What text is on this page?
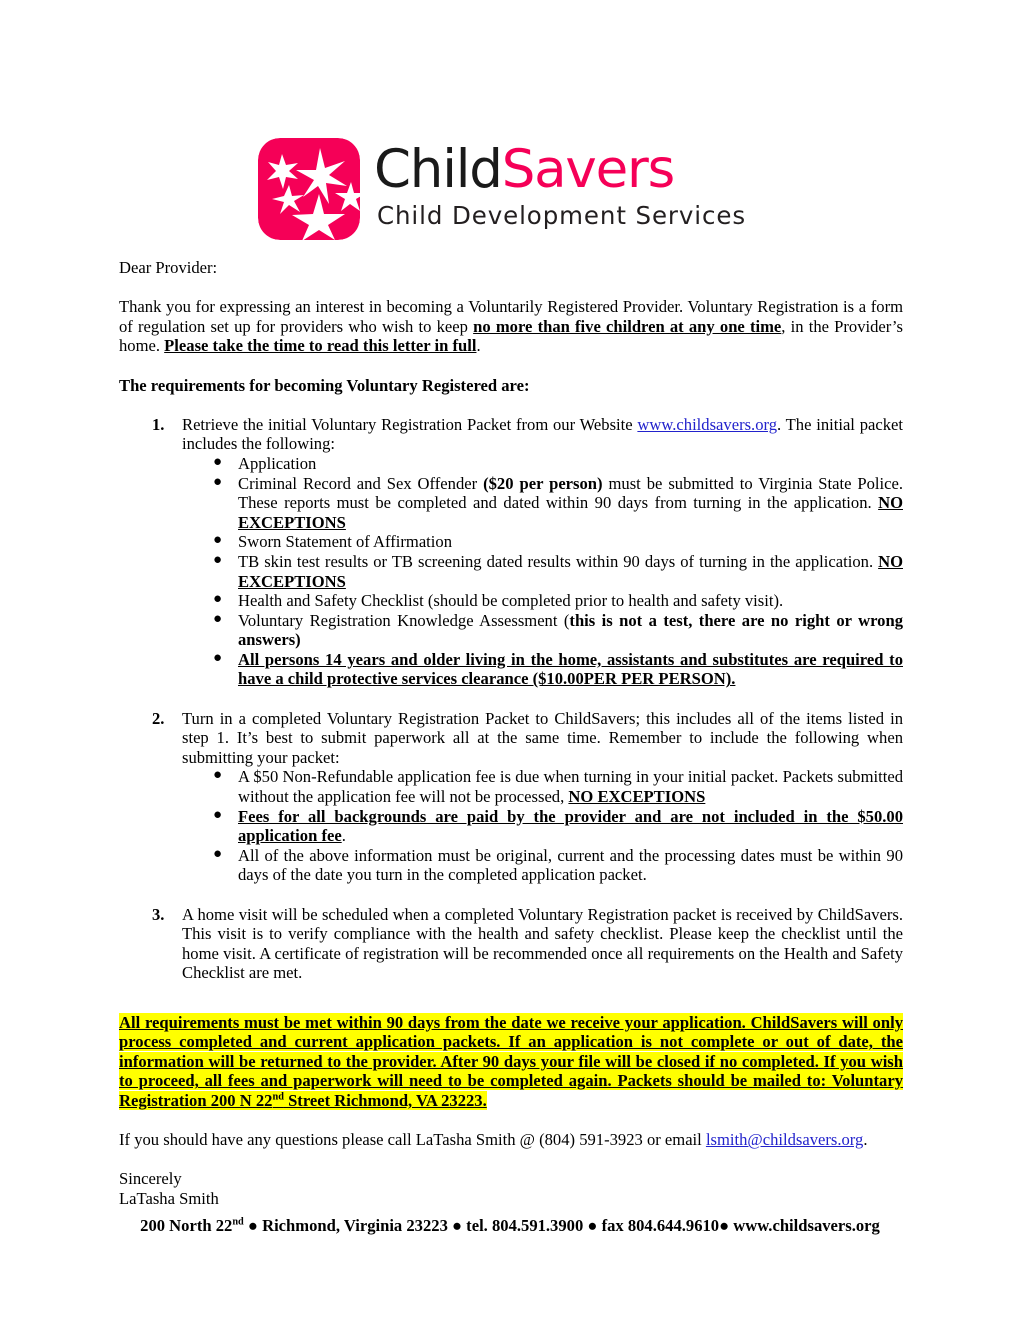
ChildSavers
Child Development Services

Dear Provider:

Thank you for expressing an interest in becoming a Voluntarily Registered Provider. Voluntary Registration is a form of regulation set up for providers who wish to keep no more than five children at any one time, in the Provider’s home. Please take the time to read this letter in full.

The requirements for becoming Voluntary Registered are:

1.	Retrieve the initial Voluntary Registration Packet from our Website www.childsavers.org. The initial packet includes the following:
● Application
● Criminal Record and Sex Offender ($20 per person) must be submitted to Virginia State Police. These reports must be completed and dated within 90 days from turning in the application. NO EXCEPTIONS
● Sworn Statement of Affirmation
● TB skin test results or TB screening dated results within 90 days of turning in the application. NO EXCEPTIONS
● Health and Safety Checklist (should be completed prior to health and safety visit).
● Voluntary Registration Knowledge Assessment (this is not a test, there are no right or wrong answers)
● All persons 14 years and older living in the home, assistants and substitutes are required to have a child protective services clearance ($10.00PER PER PERSON).
2.	Turn in a completed Voluntary Registration Packet to ChildSavers; this includes all of the items listed in step 1. It’s best to submit paperwork all at the same time. Remember to include the following when submitting your packet:
● A $50 Non-Refundable application fee is due when turning in your initial packet. Packets submitted without the application fee will not be processed, NO EXCEPTIONS
● Fees for all backgrounds are paid by the provider and are not included in the $50.00 application fee.
● All of the above information must be original, current and the processing dates must be within 90 days of the date you turn in the completed application packet.
3.	A home visit will be scheduled when a completed Voluntary Registration packet is received by ChildSavers. This visit is to verify compliance with the health and safety checklist. Please keep the checklist until the home visit. A certificate of registration will be recommended once all requirements on the Health and Safety Checklist are met.

All requirements must be met within 90 days from the date we receive your application. ChildSavers will only process completed and current application packets. If an application is not complete or out of date, the information will be returned to the provider. After 90 days your file will be closed if no completed. If you wish to proceed, all fees and paperwork will need to be completed again. Packets should be mailed to: Voluntary Registration 200 N 22nd Street Richmond, VA 23223.

If you should have any questions please call LaTasha Smith @ (804) 591-3923 or email lsmith@childsavers.org.

Sincerely

LaTasha Smith

200 North 22nd ● Richmond, Virginia 23223 ● tel. 804.591.3900 ● fax 804.644.9610● www.childsavers.org
